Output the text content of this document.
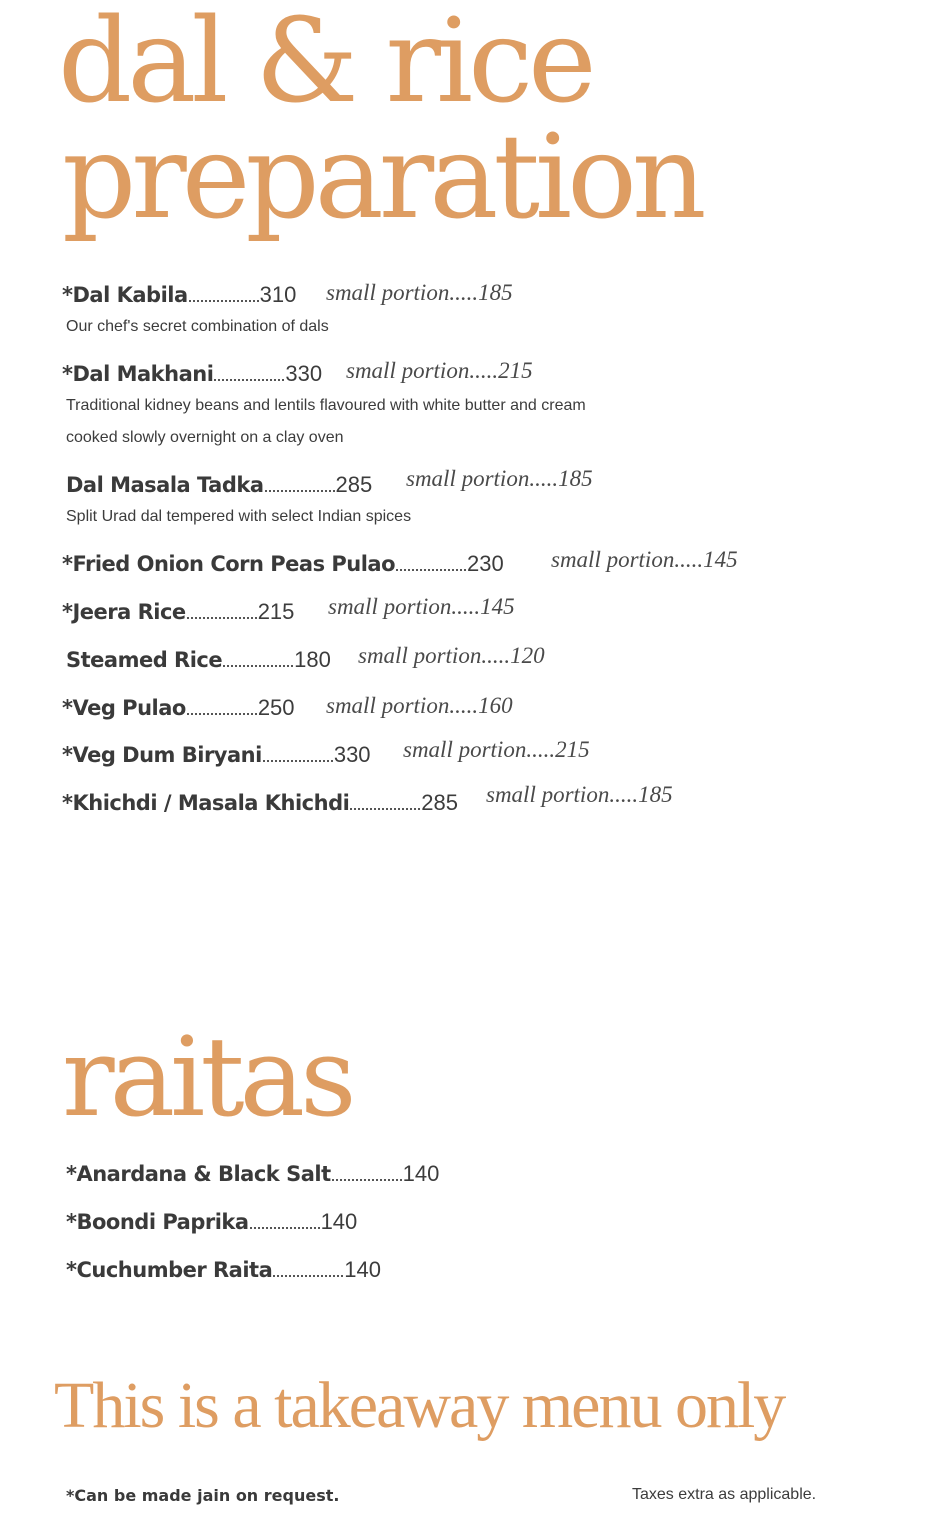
dal & rice
preparation
*Dal Kabila	310 small portion.....185
Our chef's secret combination of dals
*Dal Makhani	330 small portion.....215
Traditional kidney beans and lentils flavoured with white butter and cream
cooked slowly overnight on a clay oven
Dal Masala Tadka	285 small portion.....185
Split Urad dal tempered with select Indian spices
*Fried Onion Corn Peas Pulao	230 small portion.....145
*Jeera Rice	215 small portion.....145
Steamed Rice	180 small portion.....120
*Veg Pulao	250 small portion.....160
*Veg Dum Biryani	330 small portion.....215
*Khichdi / Masala Khichdi	285 small portion.....185
raitas
*Anardana & Black Salt	140
*Boondi Paprika	140
*Cuchumber Raita	140
This is a takeaway menu only
*Can be made jain on request.	Taxes extra as applicable.
